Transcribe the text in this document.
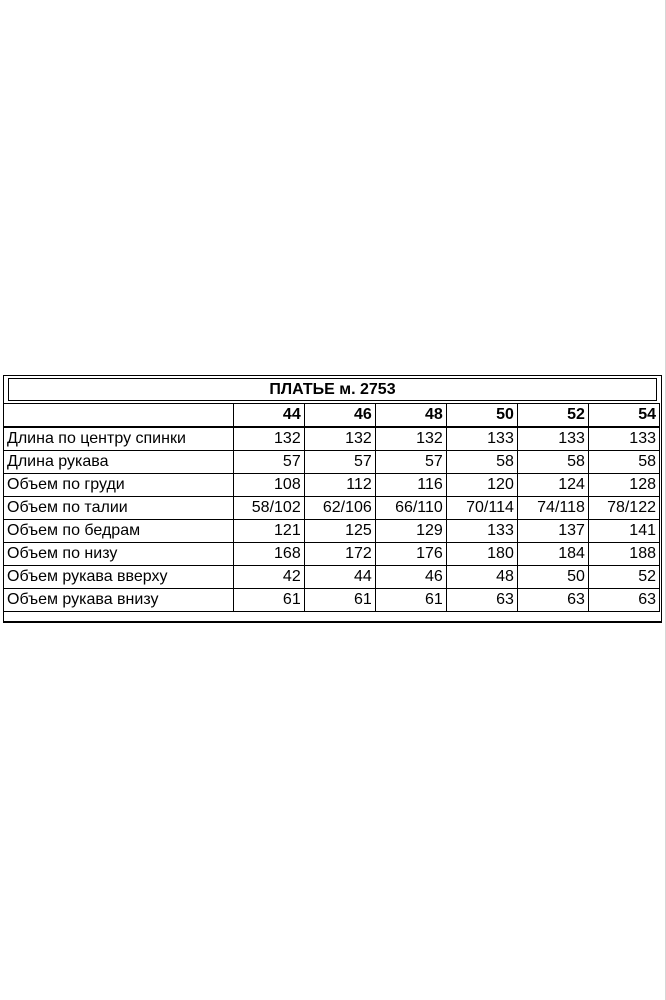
ПЛАТЬЕ м. 2753
	44	46	48	50	52	54
Длина по центру спинки	132	132	132	133	133	133
Длина рукава	57	57	57	58	58	58
Объем по груди	108	112	116	120	124	128
Объем по талии	58/102	62/106	66/110	70/114	74/118	78/122
Объем по бедрам	121	125	129	133	137	141
Объем по низу	168	172	176	180	184	188
Объем рукава вверху	42	44	46	48	50	52
Объем рукава внизу	61	61	61	63	63	63
